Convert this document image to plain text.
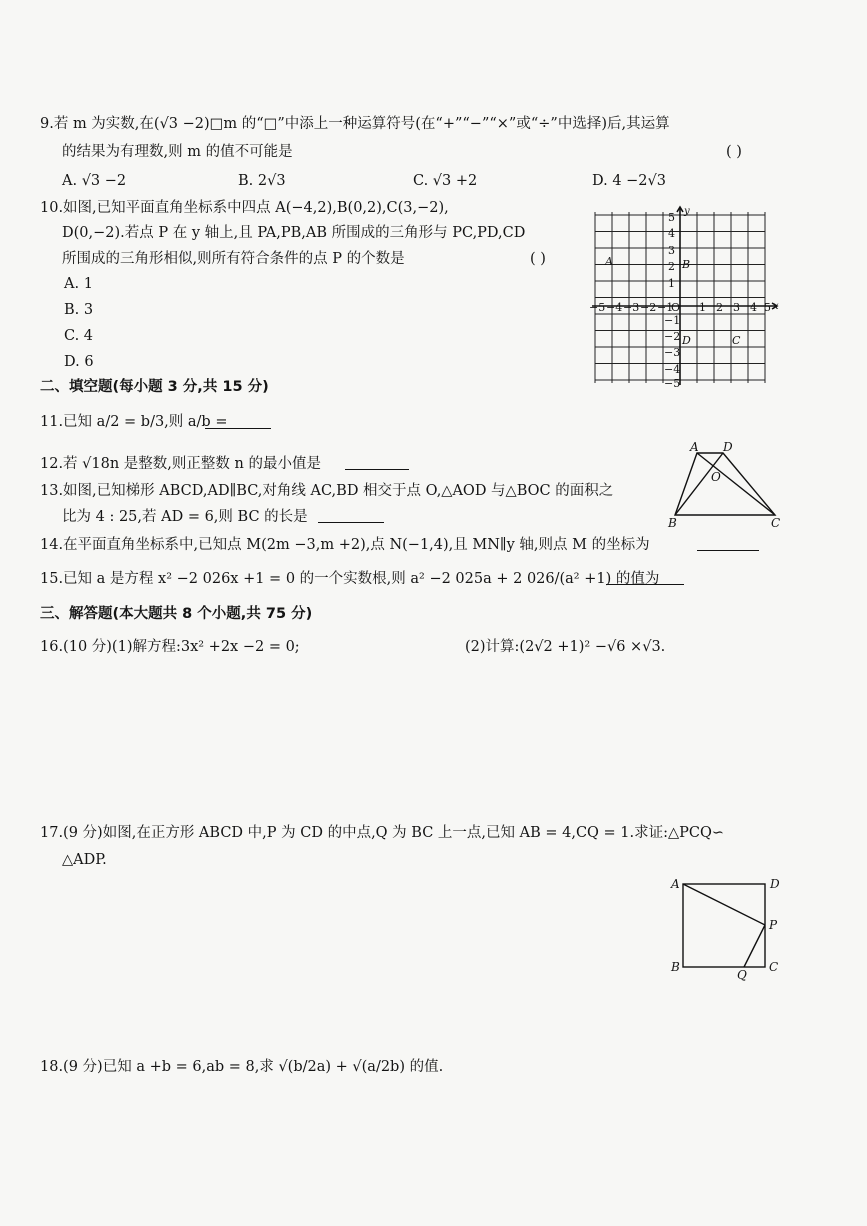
9.若 m 为实数,在(√3 −2)□m 的“□”中添上一种运算符号(在“+”“−”“×”或“÷”中选择)后,其运算
的结果为有理数,则 m 的值不可能是	( )
A. √3 −2	B. 2√3	C. √3 +2	D. 4 −2√3
10.如图,已知平面直角坐标系中四点 A(−4,2),B(0,2),C(3,−2),
D(0,−2).若点 P 在 y 轴上,且 PA,PB,AB 所围成的三角形与 PC,PD,CD
所围成的三角形相似,则所有符合条件的点 P 的个数是	( )
A. 1
B. 3
C. 4
D. 6
y
x
−5 −4 −3 −2 −1
O 1 2 3 4 5
5
4
3
2
1
−1
−2
−3
−4
−5
A	B
D	C
二、填空题(每小题 3 分,共 15 分)
11.已知 a/2 = b/3,则 a/b =
12.若 √18n 是整数,则正整数 n 的最小值是
13.如图,已知梯形 ABCD,AD∥BC,对角线 AC,BD 相交于点 O,△AOD 与△BOC 的面积之
比为 4 : 25,若 AD = 6,则 BC 的长是
A D
O
B	C
14.在平面直角坐标系中,已知点 M(2m −3,m +2),点 N(−1,4),且 MN∥y 轴,则点 M 的坐标为
15.已知 a 是方程 x² −2 026x +1 = 0 的一个实数根,则 a² −2 025a + 2 026/(a² +1) 的值为
三、解答题(本大题共 8 个小题,共 75 分)
16.(10 分)(1)解方程:3x² +2x −2 = 0;	(2)计算:(2√2 +1)² −√6 ×√3.
17.(9 分)如图,在正方形 ABCD 中,P 为 CD 的中点,Q 为 BC 上一点,已知 AB = 4,CQ = 1.求证:△PCQ∽
△ADP.
A	D
P
B
Q
C
18.(9 分)已知 a +b = 6,ab = 8,求 √(b/2a) + √(a/2b) 的值.
